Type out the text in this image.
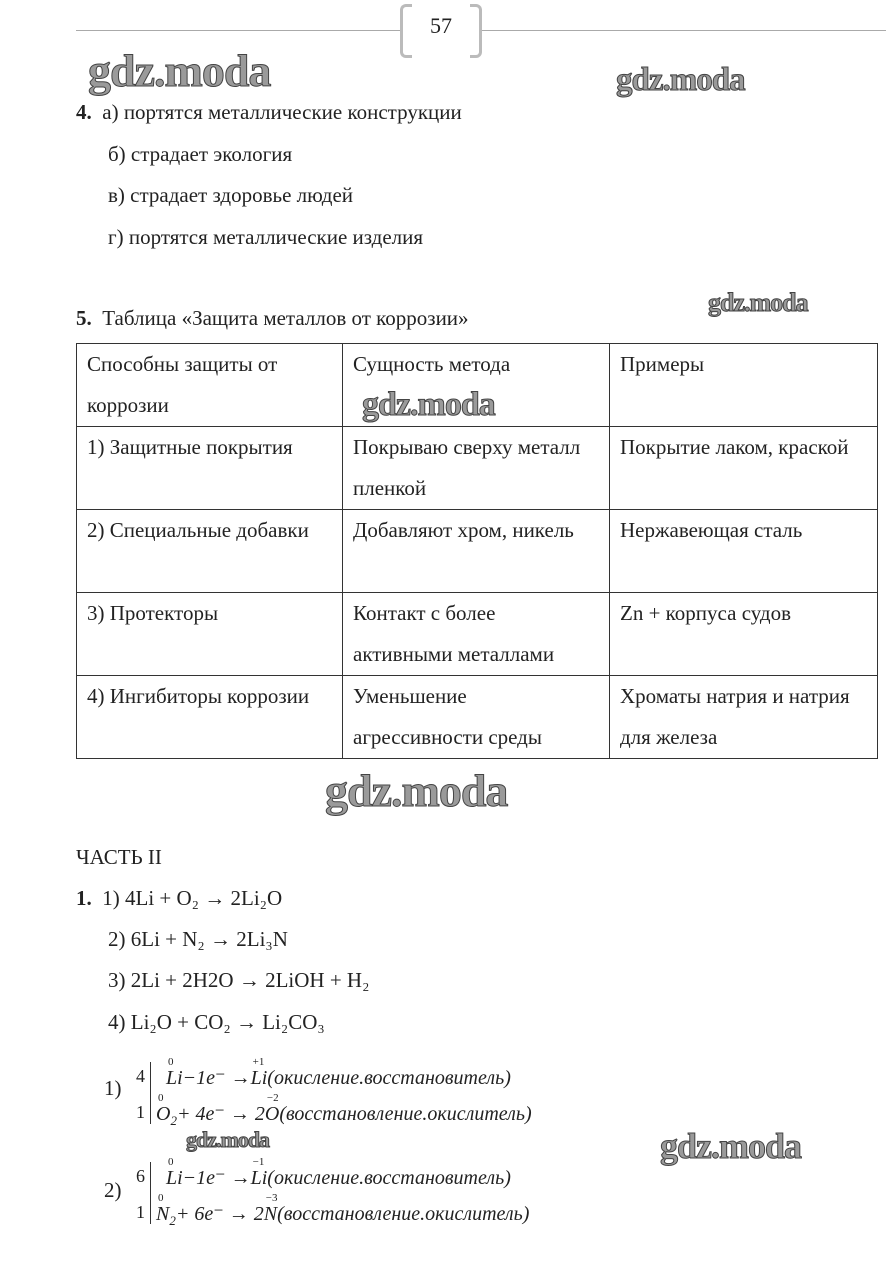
57
4. а) портятся металлические конструкции
б) страдает экология
в) страдает здоровье людей
г) портятся металлические изделия
5. Таблица «Защита металлов от коррозии»
Способны защиты от коррозии	Сущность метода	Примеры
1) Защитные покрытия	Покрываю сверху металл пленкой	Покрытие лаком, краской
2) Специальные добавки	Добавляют хром, никель	Нержавеющая сталь
3) Протекторы	Контакт с более активными металлами	Zn + корпуса судов
4) Ингибиторы коррозии	Уменьшение агрессивности среды	Хроматы натрия и натрия для железа
ЧАСТЬ II
1. 1) 4Li + O₂ → 2Li₂O
2) 6Li + N₂ → 2Li₃N
3) 2Li + 2H2O → 2LiOH + H₂
4) Li₂O + CO₂ → Li₂CO₃
1) 4
1
0
Li−1e⁻ →
+1
Li(окисление.восстановитель)
0
$O_2+ 4e^- \to 2$
−2
O(восстановление.окислитель)
2)
6
1
0
Li−1e⁻ →
−1
Li(окисление.восстановитель)
0
$N_2+ 6e^- \to 2$
−3
N(восстановление.окислитель)
gdz.moda	gdz.moda
gdz.moda
gdz.moda
gdz.moda
gdz.moda
gdz.moda
